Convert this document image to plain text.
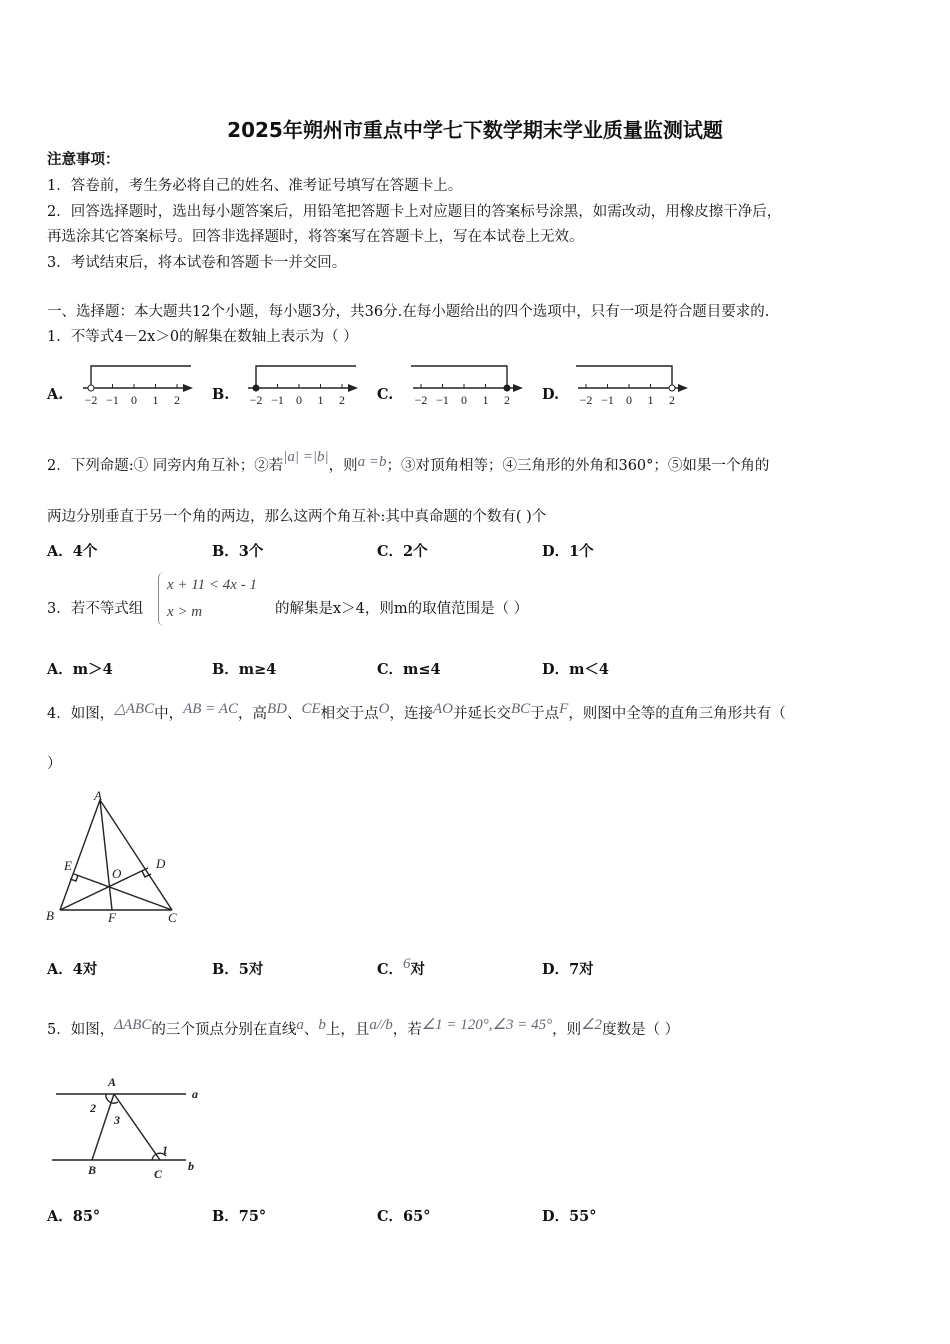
2025年朔州市重点中学七下数学期末学业质量监测试题
注意事项：
1．答卷前，考生务必将自己的姓名、准考证号填写在答题卡上。
2．回答选择题时，选出每小题答案后，用铅笔把答题卡上对应题目的答案标号涂黑，如需改动，用橡皮擦干净后，
再选涂其它答案标号。回答非选择题时，将答案写在答题卡上，写在本试卷上无效。
3．考试结束后，将本试卷和答题卡一并交回。
一、选择题：本大题共12个小题，每小题3分，共36分.在每小题给出的四个选项中，只有一项是符合题目要求的.
1．不等式4－2x＞0的解集在数轴上表示为（ ）
2．下列命题:① 同旁内角互补；②若|a| =|b|，则a =b；③对顶角相等；④三角形的外角和360°；⑤如果一个角的
两边分别垂直于另一个角的两边，那么这两个角互补:其中真命题的个数有( )个
A．4个	B．3个	C．2个	D．1个
3．若不等式组
x + 11 < 4x - 1
x > m	的解集是x＞4，则m的取值范围是（ ）
A．m＞4	B．m≥4	C．m≤4	D．m＜4
4．如图，△ABC中，AB = AC，高BD、CE相交于点O，连接AO并延长交BC于点F，则图中全等的直角三角形共有（
）
A
B	C
D
E
F
O
A．4对	B．5对	C．6对	D．7对
5．如图，ΔABC的三个顶点分别在直线a、b上，且a//b，若∠1 = 120°,∠3 = 45°，则∠2度数是（ ）
A
B	C
a
b
1
2
3
A．85°	B．75°	C．65°	D．55°
A. −2 −1 0 1 2 B. −2 −1 0 1 2 C. −2 −1 0 1 2 D. −2 −1 0 1 2
